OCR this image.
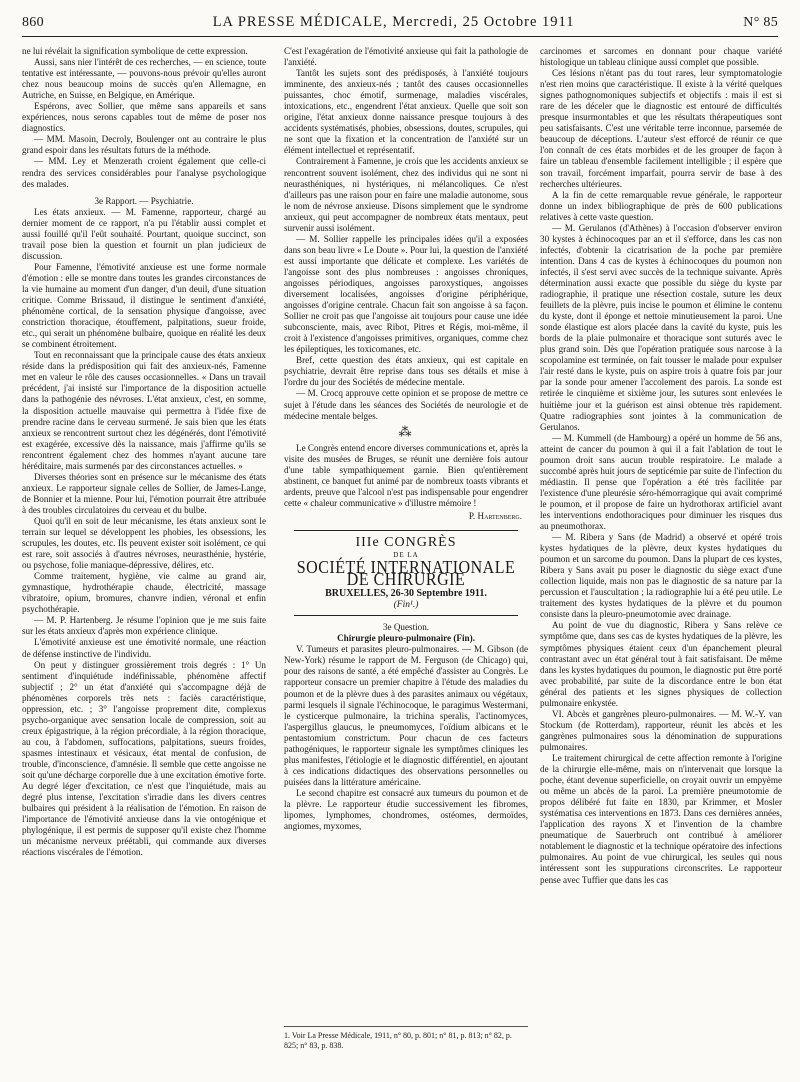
860	LA PRESSE MÉDICALE, Mercredi, 25 Octobre 1911	N° 85

ne lui révélait la signification symbolique de cette expression.

Aussi, sans nier l'intérêt de ces recherches, — en science, toute tentative est intéressante, — pouvons-nous prévoir qu'elles auront chez nous beaucoup moins de succès qu'en Allemagne, en Autriche, en Suisse, en Belgique, en Amérique.

Espérons, avec Sollier, que même sans appareils et sans expériences, nous serons capables tout de même de poser nos diagnostics.

— MM. Masoin, Decroly, Boulenger ont au contraire le plus grand espoir dans les résultats futurs de la méthode.

— MM. Ley et Menzerath croient également que celle-ci rendra des services considérables pour l'analyse psychologique des malades.

3e Rapport. — Psychiatrie.

Les états anxieux. — M. Famenne, rapporteur, chargé au dernier moment de ce rapport, n'a pu l'établir aussi complet et aussi fouillé qu'il l'eût souhaité. Pourtant, quoique succinct, son travail pose bien la question et fournit un plan judicieux de discussion.

Pour Famenne, l'émotivité anxieuse est une forme normale d'émotion : elle se montre dans toutes les grandes circonstances de la vie humaine au moment d'un danger, d'un deuil, d'une situation critique. Comme Brissaud, il distingue le sentiment d'anxiété, phénomène cortical, de la sensation physique d'angoisse, avec constriction thoracique, étouffement, palpitations, sueur froide, etc., qui serait un phénomène bulbaire, quoique en réalité les deux se combinent étroitement.

Tout en reconnaissant que la principale cause des états anxieux réside dans la prédisposition qui fait des anxieux-nés, Famenne met en valeur le rôle des causes occasionnelles. « Dans un travail précédent, j'ai insisté sur l'importance de la disposition actuelle dans la pathogénie des névroses. L'état anxieux, c'est, en somme, la disposition actuelle mauvaise qui permettra à l'idée fixe de prendre racine dans le cerveau surmené. Je sais bien que les états anxieux se rencontrent surtout chez les dégénérés, dont l'émotivité est exagérée, excessive dès la naissance, mais j'affirme qu'ils se rencontrent également chez des hommes n'ayant aucune tare héréditaire, mais surmenés par des circonstances actuelles. »

Diverses théories sont en présence sur le mécanisme des états anxieux. Le rapporteur signale celles de Sollier, de James-Lange, de Bonnier et la mienne. Pour lui, l'émotion pourrait être attribuée à des troubles circulatoires du cerveau et du bulbe.

Quoi qu'il en soit de leur mécanisme, les états anxieux sont le terrain sur lequel se développent les phobies, les obsessions, les scrupules, les doutes, etc. Ils peuvent exister soit isolément, ce qui est rare, soit associés à d'autres névroses, neurasthénie, hystérie, ou psychose, folie maniaque-dépressive, délires, etc.

Comme traitement, hygiène, vie calme au grand air, gymnastique, hydrothérapie chaude, électricité, massage vibratoire, opium, bromures, chanvre indien, véronal et enfin psychothérapie.

— M. P. Hartenberg. Je résume l'opinion que je me suis faite sur les états anxieux d'après mon expérience clinique.

L'émotivité anxieuse est une émotivité normale, une réaction de défense instinctive de l'individu.

On peut y distinguer grossièrement trois degrés : 1° Un sentiment d'inquiétude indéfinissable, phénomène affectif subjectif ; 2° un état d'anxiété qui s'accompagne déjà de phénomènes corporels très nets : faciès caractéristique, oppression, etc. ; 3° l'angoisse proprement dite, complexus psycho-organique avec sensation locale de compression, soit au creux épigastrique, à la région précordiale, à la région thoracique, au cou, à l'abdomen, suffocations, palpitations, sueurs froides, spasmes intestinaux et vésicaux, état mental de confusion, de trouble, d'inconscience, d'amnésie. Il semble que cette angoisse ne soit qu'une décharge corporelle due à une excitation émotive forte. Au degré léger d'excitation, ce n'est que l'inquiétude, mais au degré plus intense, l'excitation s'irradie dans les divers centres bulbaires qui président à la réalisation de l'émotion. En raison de l'importance de l'émotivité anxieuse dans la vie ontogénique et phylogénique, il est permis de supposer qu'il existe chez l'homme un mécanisme nerveux préétabli, qui commande aux diverses réactions viscérales de l'émotion.

C'est l'exagération de l'émotivité anxieuse qui fait la pathologie de l'anxiété.

Tantôt les sujets sont des prédisposés, à l'anxiété toujours imminente, des anxieux-nés ; tantôt des causes occasionnelles puissantes, choc émotif, surmenage, maladies viscérales, intoxications, etc., engendrent l'état anxieux. Quelle que soit son origine, l'état anxieux donne naissance presque toujours à des accidents systématisés, phobies, obsessions, doutes, scrupules, qui ne sont que la fixation et la concentration de l'anxiété sur un élément intellectuel et représentatif.

Contrairement à Famenne, je crois que les accidents anxieux se rencontrent souvent isolément, chez des individus qui ne sont ni neurasthéniques, ni hystériques, ni mélancoliques. Ce n'est d'ailleurs pas une raison pour en faire une maladie autonome, sous le nom de névrose anxieuse. Disons simplement que le syndrome anxieux, qui peut accompagner de nombreux états mentaux, peut survenir aussi isolément.

— M. Sollier rappelle les principales idées qu'il a exposées dans son beau livre « Le Doute ». Pour lui, la question de l'anxiété est aussi importante que délicate et complexe. Les variétés de l'angoisse sont des plus nombreuses : angoisses chroniques, angoisses périodiques, angoisses paroxystiques, angoisses diversement localisées, angoisses d'origine périphérique, angoisses d'origine centrale. Chacun fait son angoisse à sa façon. Sollier ne croit pas que l'angoisse ait toujours pour cause une idée subconsciente, mais, avec Ribot, Pitres et Régis, moi-même, il croit à l'existence d'angoisses primitives, organiques, comme chez les épileptiques, les toxicomanes, etc.

Bref, cette question des états anxieux, qui est capitale en psychiatrie, devrait être reprise dans tous ses détails et mise à l'ordre du jour des Sociétés de médecine mentale.

— M. Crocq approuve cette opinion et se propose de mettre ce sujet à l'étude dans les séances des Sociétés de neurologie et de médecine mentale belges.

⁂

Le Congrès entend encore diverses communications et, après la visite des musées de Bruges, se réunit une dernière fois autour d'une table sympathiquement garnie. Bien qu'entièrement abstinent, ce banquet fut animé par de nombreux toasts vibrants et ardents, preuve que l'alcool n'est pas indispensable pour engendrer cette « chaleur communicative » d'illustre mémoire !

P. Hartenberg.

IIIe CONGRÈS
DE LA
SOCIÉTÉ INTERNATIONALE DE CHIRURGIE
BRUXELLES, 26-30 Septembre 1911.
(Fin¹.)

3e Question.

Chirurgie pleuro-pulmonaire (Fin).

V. Tumeurs et parasites pleuro-pulmonaires. — M. Gibson (de New-York) résume le rapport de M. Ferguson (de Chicago) qui, pour des raisons de santé, a été empêché d'assister au Congrès. Le rapporteur consacre un premier chapitre à l'étude des maladies du poumon et de la plèvre dues à des parasites animaux ou végétaux, parmi lesquels il signale l'échinocoque, le paragimus Westermani, le cysticerque pulmonaire, la trichina speralis, l'actinomyces, l'aspergillus glaucus, le pneumomyces, l'oïdium albicans et le pentastomium constrictum. Pour chacun de ces facteurs pathogéniques, le rapporteur signale les symptômes cliniques les plus manifestes, l'étiologie et le diagnostic différentiel, en ajoutant à ces indications didactiques des observations personnelles ou puisées dans la littérature américaine.

Le second chapitre est consacré aux tumeurs du poumon et de la plèvre. Le rapporteur étudie successivement les fibromes, lipomes, lymphomes, chondromes, ostéomes, dermoïdes, angiomes, myxomes,

1. Voir La Presse Médicale, 1911, n° 80, p. 801; n° 81, p. 813; n° 82, p. 825; n° 83, p. 838.

carcinomes et sarcomes en donnant pour chaque variété histologique un tableau clinique aussi complet que possible.

Ces lésions n'étant pas du tout rares, leur symptomatologie n'est rien moins que caractéristique. Il existe à la vérité quelques signes pathognomoniques subjectifs et objectifs : mais il est si rare de les déceler que le diagnostic est entouré de difficultés presque insurmontables et que les résultats thérapeutiques sont peu satisfaisants. C'est une véritable terre inconnue, parsemée de beaucoup de déceptions. L'auteur s'est efforcé de réunir ce que l'on connaît de ces états morbides et de les grouper de façon à faire un tableau d'ensemble facilement intelligible ; il espère que son travail, forcément imparfait, pourra servir de base à des recherches ultérieures.

A la fin de cette remarquable revue générale, le rapporteur donne un index bibliographique de près de 600 publications relatives à cette vaste question.

— M. Gerulanos (d'Athènes) à l'occasion d'observer environ 30 kystes à échinocoques par an et il s'efforce, dans les cas non infectés, d'obtenir la cicatrisation de la poche par première intention. Dans 4 cas de kystes à échinocoques du poumon non infectés, il s'est servi avec succès de la technique suivante. Après détermination aussi exacte que possible du siège du kyste par radiographie, il pratique une résection costale, suture les deux feuillets de la plèvre, puis incise le poumon et élimine le contenu du kyste, dont il éponge et nettoie minutieusement la paroi. Une sonde élastique est alors placée dans la cavité du kyste, puis les bords de la plaie pulmonaire et thoracique sont suturés avec le plus grand soin. Dès que l'opération pratiquée sous narcose à la scopolamine est terminée, on fait tousser le malade pour expulser l'air resté dans le kyste, puis on aspire trois à quatre fois par jour par la sonde pour amener l'accolement des parois. La sonde est retirée le cinquième et sixième jour, les sutures sont enlevées le huitième jour et la guérison est ainsi obtenue très rapidement. Quatre radiographies sont jointes à la communication de Gerulanos.

— M. Kummell (de Hambourg) a opéré un homme de 56 ans, atteint de cancer du poumon à qui il a fait l'ablation de tout le poumon droit sans aucun trouble respiratoire. Le malade a succombé après huit jours de septicémie par suite de l'infection du médiastin. Il pense que l'opération a été très facilitée par l'existence d'une pleurésie séro-hémorragique qui avait comprimé le poumon, et il propose de faire un hydrothorax artificiel avant les interventions endothoraciques pour diminuer les risques dus au pneumothorax.

— M. Ribera y Sans (de Madrid) a observé et opéré trois kystes hydatiques de la plèvre, deux kystes hydatiques du poumon et un sarcome du poumon. Dans la plupart de ces kystes, Ribera y Sans avait pu poser le diagnostic du siège exact d'une collection liquide, mais non pas le diagnostic de sa nature par la percussion et l'auscultation ; la radiographie lui a été peu utile. Le traitement des kystes hydatiques de la plèvre et du poumon consiste dans la pleuro-pneumotomie avec drainage.

Au point de vue du diagnostic, Ribera y Sans relève ce symptôme que, dans ses cas de kystes hydatiques de la plèvre, les symptômes physiques étaient ceux d'un épanchement pleural contrastant avec un état général tout à fait satisfaisant. De même dans les kystes hydatiques du poumon, le diagnostic put être porté avec probabilité, par suite de la discordance entre le bon état général des patients et les signes physiques de collection pulmonaire enkystée.

VI. Abcès et gangrènes pleuro-pulmonaires. — M. W.-Y. van Stockum (de Rotterdam), rapporteur, réunit les abcès et les gangrènes pulmonaires sous la dénomination de suppurations pulmonaires.

Le traitement chirurgical de cette affection remonte à l'origine de la chirurgie elle-même, mais on n'intervenait que lorsque la poche, étant devenue superficielle, on croyait ouvrir un empyème ou même un abcès de la paroi. La première pneumotomie de propos délibéré fut faite en 1830, par Krimmer, et Mosler systématisa ces interventions en 1873. Dans ces dernières années, l'application des rayons X et l'invention de la chambre pneumatique de Sauerbruch ont contribué à améliorer notablement le diagnostic et la technique opératoire des infections pulmonaires. Au point de vue chirurgical, les seules qui nous intéressent sont les suppurations circonscrites. Le rapporteur pense avec Tuffier que dans les cas
